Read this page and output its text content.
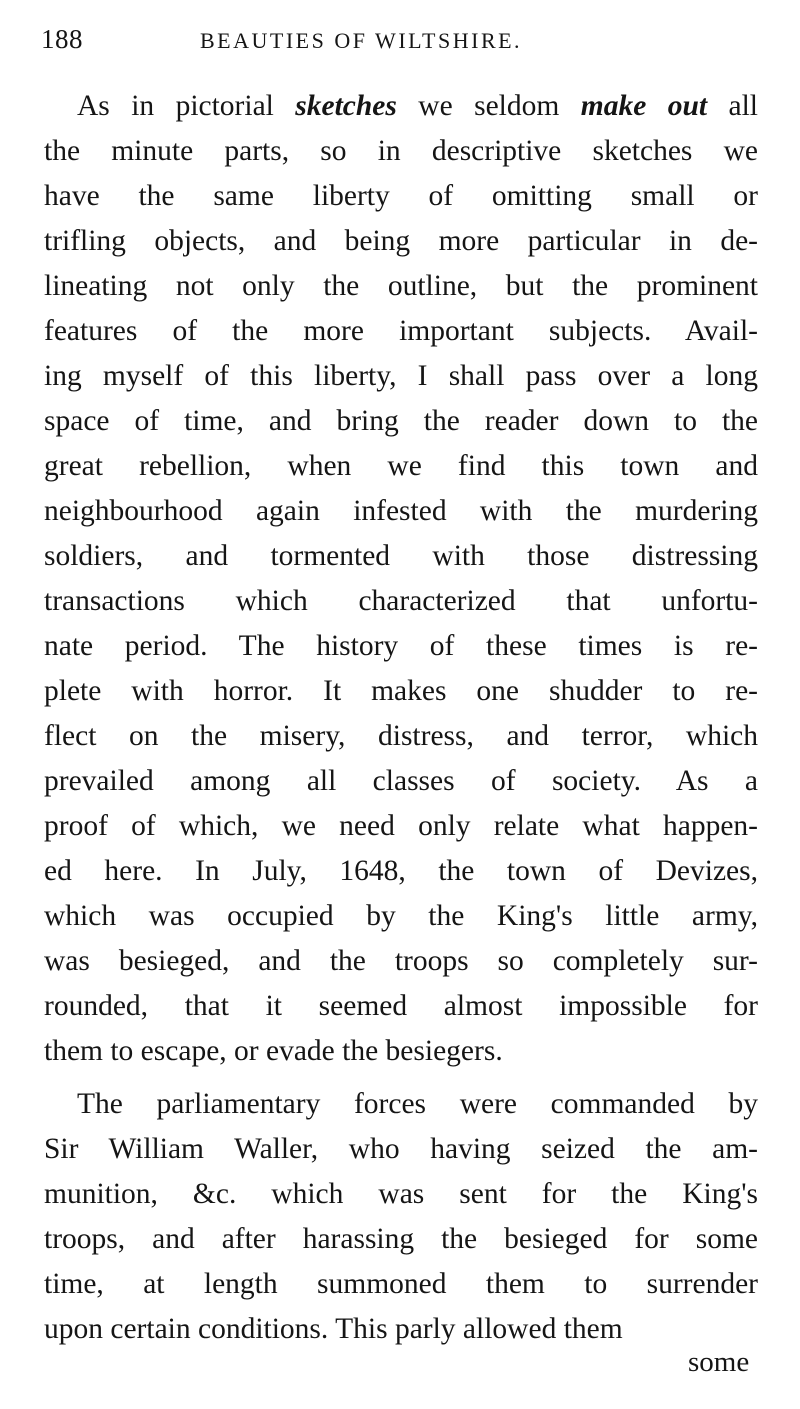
188	BEAUTIES OF WILTSHIRE.
As in pictorial sketches we seldom make out all
the minute parts, so in descriptive sketches we
have the same liberty of omitting small or
trifling objects, and being more particular in de-
lineating not only the outline, but the prominent
features of the more important subjects. Avail-
ing myself of this liberty, I shall pass over a long
space of time, and bring the reader down to the
great rebellion, when we find this town and
neighbourhood again infested with the murdering
soldiers, and tormented with those distressing
transactions which characterized that unfortu-
nate period. The history of these times is re-
plete with horror. It makes one shudder to re-
flect on the misery, distress, and terror, which
prevailed among all classes of society. As a
proof of which, we need only relate what happen-
ed here. In July, 1648, the town of Devizes,
which was occupied by the King's little army,
was besieged, and the troops so completely sur-
rounded, that it seemed almost impossible for
them to escape, or evade the besiegers.
The parliamentary forces were commanded by
Sir William Waller, who having seized the am-
munition, &c. which was sent for the King's
troops, and after harassing the besieged for some
time, at length summoned them to surrender
upon certain conditions. This parly allowed them
some
